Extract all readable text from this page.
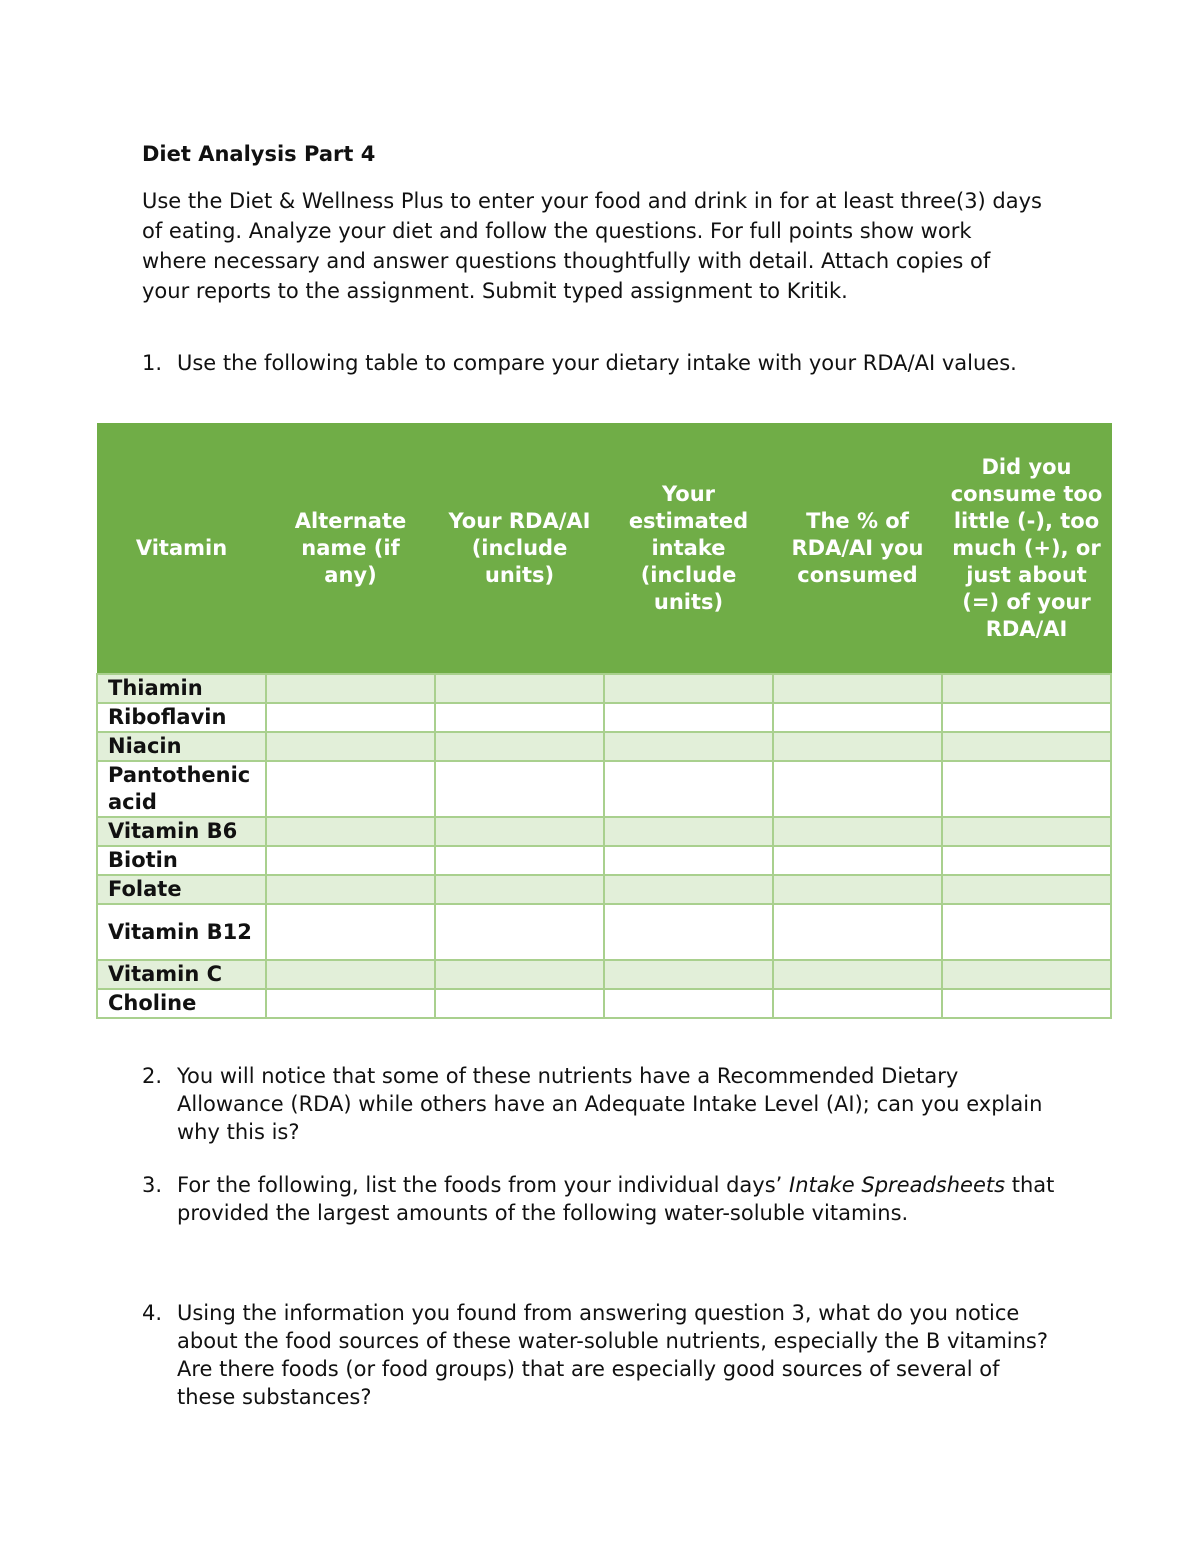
Diet Analysis Part 4

Use the Diet & Wellness Plus to enter your food and drink in for at least three(3) days of eating. Analyze your diet and follow the questions. For full points show work where necessary and answer questions thoughtfully with detail. Attach copies of your reports to the assignment. Submit typed assignment to Kritik.

1. Use the following table to compare your dietary intake with your RDA/AI values.
Vitamin	Alternate name (if any)	Your RDA/AI (include units)	Your estimated intake (include units)	The % of RDA/AI you consumed	Did you consume too little (-), too much (+), or just about (=) of your RDA/AI
Thiamin					
Riboflavin					
Niacin					
Pantothenic acid					
Vitamin B6					
Biotin					
Folate					
Vitamin B12					
Vitamin C					
Choline					
2. You will notice that some of these nutrients have a Recommended Dietary Allowance (RDA) while others have an Adequate Intake Level (AI); can you explain why this is?
3. For the following, list the foods from your individual days’ Intake Spreadsheets that provided the largest amounts of the following water-soluble vitamins.
4. Using the information you found from answering question 3, what do you notice about the food sources of these water-soluble nutrients, especially the B vitamins? Are there foods (or food groups) that are especially good sources of several of these substances?
